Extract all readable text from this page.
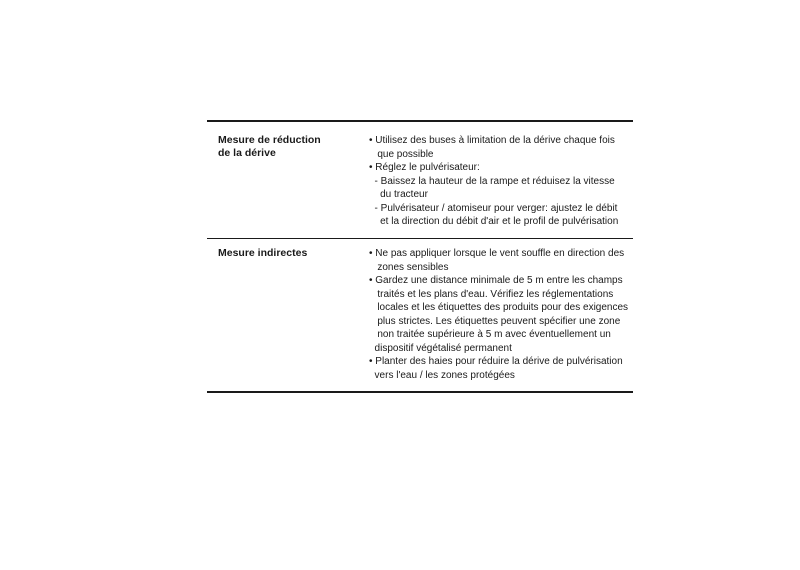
Mesure de réduction
de la dérive
• Utilisez des buses à limitation de la dérive chaque fois
que possible
• Réglez le pulvérisateur:
- Baissez la hauteur de la rampe et réduisez la vitesse
du tracteur
- Pulvérisateur / atomiseur pour verger: ajustez le débit
et la direction du débit d'air et le profil de pulvérisation
Mesure indirectes	• Ne pas appliquer lorsque le vent souffle en direction des
zones sensibles
• Gardez une distance minimale de 5 m entre les champs
traités et les plans d'eau. Vérifiez les réglementations
locales et les étiquettes des produits pour des exigences
plus strictes. Les étiquettes peuvent spécifier une zone
non traitée supérieure à 5 m avec éventuellement un
dispositif végétalisé permanent
• Planter des haies pour réduire la dérive de pulvérisation
vers l'eau / les zones protégées
